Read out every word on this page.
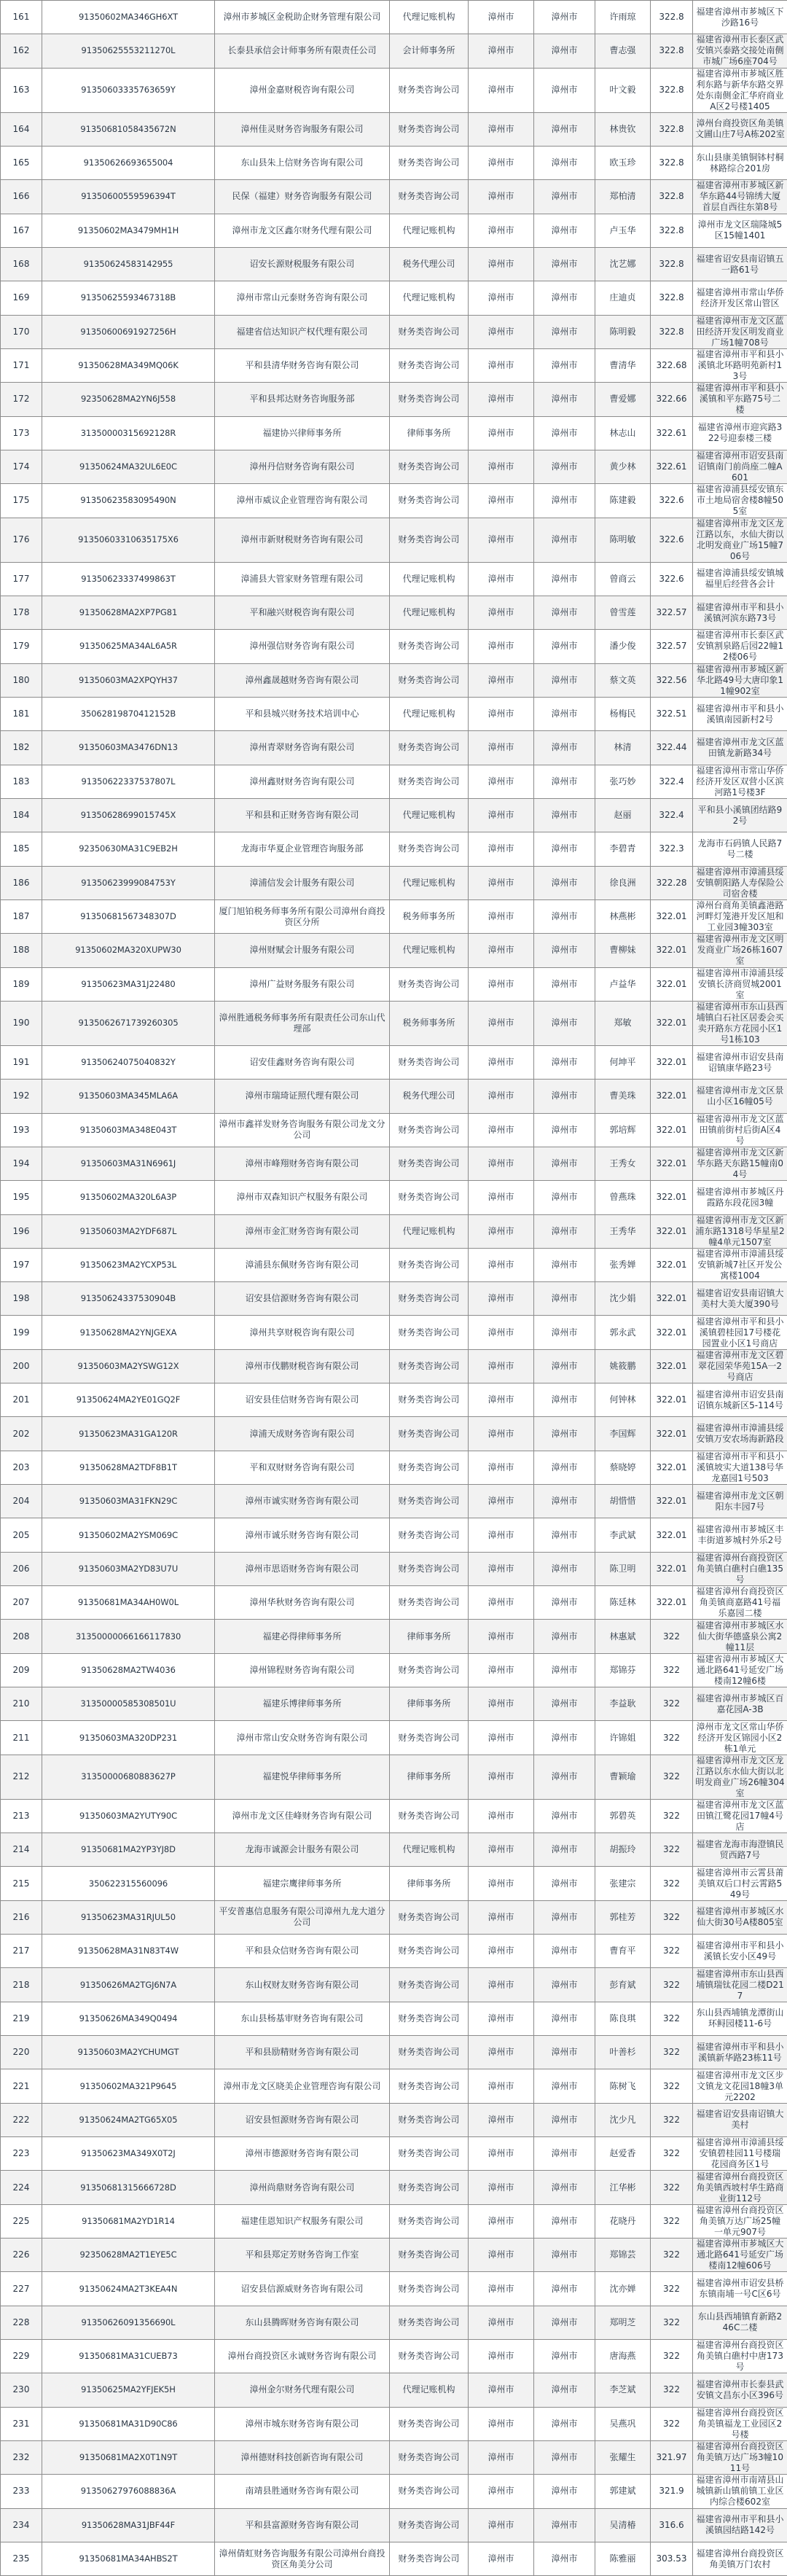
161	91350602MA346GH6XT	漳州市芗城区金税助企财务管理有限公司	代理记账机构	漳州市	漳州市	许雨琼	322.8	福建省漳州市芗城区下沙路16号
162	91350625553211270L	长泰县承信会计师事务所有限责任公司	会计师事务所	漳州市	漳州市	曹志强	322.8	福建省漳州市长泰区武安镇兴泰路交接处南侧市城广场6座704号
163	91350603335763659Y	漳州金嘉财税咨询有限公司	财务类咨询公司	漳州市	漳州市	叶文毅	322.8	福建省漳州市芗城区胜利东路与新华东路交界处东南侧金汇华府商业A区2号楼1405
164	91350681058435672N	漳州佳灵财务咨询服务有限公司	财务类咨询公司	漳州市	漳州市	林贵钦	322.8	漳州台商投资区角美镇文圃山庄7号A栋202室
165	91350626693655004	东山县朱上信财务咨询有限公司	财务类咨询公司	漳州市	漳州市	欧玉珍	322.8	东山县康美镇铜钵村桐林路综合201房
166	91350600559596394T	民保（福建）财务咨询服务有限公司	财务类咨询公司	漳州市	漳州市	郑柏清	322.8	福建省漳州市芗城区新华东路44号锦绣大厦首层自西往东第8号
167	91350602MA3479MH1H	漳州市龙文区鑫尔财务代理有限公司	代理记账机构	漳州市	漳州市	卢玉华	322.8	漳州市龙文区瑞隆城5区15幢1401
168	91350624583142955	诏安长源财税服务有限公司	税务代理公司	漳州市	漳州市	沈艺娜	322.8	福建省诏安县南诏镇五一路61号
169	91350625593467318B	漳州市常山元泰财务咨询有限公司	代理记账机构	漳州市	漳州市	庄迪贞	322.8	福建省漳州市常山华侨经济开发区常山管区
170	91350600691927256H	福建省信达知识产权代理有限公司	财务类咨询公司	漳州市	漳州市	陈明毅	322.8	福建省漳州市龙文区蓝田经济开发区明发商业广场1幢708号
171	91350628MA349MQ06K	平和县清华财务咨询有限公司	财务类咨询公司	漳州市	漳州市	曹清华	322.68	福建省漳州市平和县小溪镇北环路明苑新村13号
172	92350628MA2YN6J558	平和县邦达财务咨询服务部	财务类咨询公司	漳州市	漳州市	曹爱娜	322.66	福建省漳州市平和县小溪镇和平东路75号二楼
173	31350000315692128R	福建协兴律师事务所	律师事务所	漳州市	漳州市	林志山	322.61	福建省漳州市迎宾路322号迎泰楼三楼
174	91350624MA32UL6E0C	漳州丹信财务咨询有限公司	财务类咨询公司	漳州市	漳州市	黄少林	322.61	福建省漳州市诏安县南诏镇南门前尚座二幢A601
175	91350623583095490N	漳州市威议企业管理咨询有限公司	财务类咨询公司	漳州市	漳州市	陈建毅	322.6	福建省漳浦县绥安镇东市土地局宿舍楼8幢505室
176	91350603310635175X6	漳州市新财税财务咨询有限公司	财务类咨询公司	漳州市	漳州市	陈明敏	322.6	福建省漳州市龙文区龙江路以东，水仙大街以北明发商业广场15幢706号
177	91350623337499863T	漳浦县大管家财务管理有限公司	代理记账机构	漳州市	漳州市	曾商云	322.6	福建省漳浦县绥安镇城福里后经营各会计
178	91350628MA2XP7PG81	平和融兴财税咨询有限公司	代理记账机构	漳州市	漳州市	曾雪莲	322.57	福建省漳州市平和县小溪镇河滨东路73号
179	91350625MA34AL6A5R	漳州强信财务咨询有限公司	财务类咨询公司	漳州市	漳州市	潘少俊	322.57	福建省漳州市长泰区武安镇割泉路后园22幢12楼06号
180	91350603MA2XPQYH37	漳州鑫晟越财务咨询有限公司	财务类咨询公司	漳州市	漳州市	蔡文英	322.56	福建省漳州市芗城区新华北路49号大唐印象11幢902室
181	35062819870412152B	平和县城兴财务技术培训中心	代理记账机构	漳州市	漳州市	杨梅民	322.51	福建省漳州市平和县小溪镇南园新村2号
182	91350603MA3476DN13	漳州青翠财务咨询有限公司	财务类咨询公司	漳州市	漳州市	林清	322.44	福建省漳州市龙文区蓝田镇龙新路34号
183	91350622337537807L	漳州鑫财财务咨询有限公司	财务类咨询公司	漳州市	漳州市	张巧妙	322.4	福建省漳州市常山华侨经济开发区双营小区滨河路1号楼3F
184	91350628699015745X	平和县和正财务咨询有限公司	代理记账机构	漳州市	漳州市	赵丽	322.4	平和县小溪镇团结路92号
185	92350630MA31C9EB2H	龙海市华夏企业管理咨询服务部	财务类咨询公司	漳州市	漳州市	李碧青	322.3	龙海市石码镇人民路7号二楼
186	91350623999084753Y	漳浦信发会计服务有限公司	代理记账机构	漳州市	漳州市	徐良洲	322.28	福建省漳州市漳浦县绥安镇朝阳路人寿保险公司宿舍楼
187	91350681567348307D	厦门旭铂税务师事务所有限公司漳州台商投资区分所	税务师事务所	漳州市	漳州市	林燕彬	322.01	漳州台商角美镇鑫港路河畔灯笼港开发区旭和工业园3幢303室
188	91350602MA320XUPW30	漳州财赋会计服务有限公司	代理记账机构	漳州市	漳州市	曹柳妹	322.01	福建省漳州市龙文区明发商业广场26栋1607室
189	91350623MA31J22480	漳州广益财务服务有限公司	财务类咨询公司	漳州市	漳州市	卢益华	322.01	福建省漳州市漳浦县绥安镇长济商贸城2001室
190	9135062671739260305	漳州胜通税务师事务所有限责任公司东山代理部	税务师事务所	漳州市	漳州市	郑敏	322.01	福建省漳州市东山县西埔镇白石社区居委会买卖开路东方花园小区1号1栋103
191	91350624075040832Y	诏安佳鑫财务咨询有限公司	财务类咨询公司	漳州市	漳州市	何坤平	322.01	福建省漳州市诏安县南诏镇康华路23号
192	91350603MA345MLA6A	漳州市瑞琦证照代理有限公司	税务代理公司	漳州市	漳州市	曹美珠	322.01	福建省漳州市龙文区景山小区16幢05号
193	91350603MA348E043T	漳州市鑫祥发财务咨询服务有限公司龙文分公司	财务类咨询公司	漳州市	漳州市	郭培辉	322.01	福建省漳州市龙文区蓝田镇前街村后街A区4号
194	91350603MA31N6961J	漳州市峰翔财务咨询有限公司	财务类咨询公司	漳州市	漳州市	王秀女	322.01	福建省漳州市龙文区新华东路天东路15幢南04号
195	91350602MA320L6A3P	漳州市双森知识产权服务有限公司	财务类咨询公司	漳州市	漳州市	曾燕珠	322.01	福建省漳州市芗城区丹霞路东段花园3幢
196	91350603MA2YDF687L	漳州市金汇财务咨询有限公司	代理记账机构	漳州市	漳州市	王秀华	322.01	福建省漳州市龙文区新浦东路1318号华星星2幢4单元1507室
197	91350623MA2YCXP53L	漳浦县东佩财务咨询有限公司	财务类咨询公司	漳州市	漳州市	张秀婵	322.01	福建省漳州市漳浦县绥安镇新城7社区开发公寓楼1004
198	91350624337530904B	诏安县信源财务咨询有限公司	财务类咨询公司	漳州市	漳州市	沈少娟	322.01	福建省诏安县南诏镇大美村大美大厦390号
199	91350628MA2YNJGEXA	漳州共享财税咨询有限公司	财务类咨询公司	漳州市	漳州市	郭永武	322.01	福建省漳州市平和县小溪镇碧桂园17号楼花园置业小区1号商店
200	91350603MA2YSWG12X	漳州市伐鹏财税咨询有限公司	财务类咨询公司	漳州市	漳州市	姚筱鹏	322.01	福建省漳州市龙文区碧翠花园荣华苑15A一2号商店
201	91350624MA2YE01GQ2F	诏安县佳信财务咨询有限公司	财务类咨询公司	漳州市	漳州市	何钟林	322.01	福建省漳州市诏安县南诏镇东城新区5-114号
202	91350623MA31GA120R	漳浦天成财务咨询有限公司	财务类咨询公司	漳州市	漳州市	李国辉	322.01	福建省漳州市漳浦县绥安镇万安农场海新路段
203	91350628MA2TDF8B1T	平和双财财务咨询有限公司	财务类咨询公司	漳州市	漳州市	蔡晓婷	322.01	福建省漳州市平和县小溪镇坡实大道138号华龙嘉园1号503
204	91350603MA31FKN29C	漳州市诚实财务咨询有限公司	财务类咨询公司	漳州市	漳州市	胡惜惜	322.01	福建省漳州市龙文区朝阳东丰园7号
205	91350602MA2YSM069C	漳州市诚乐财务咨询有限公司	财务类咨询公司	漳州市	漳州市	李武斌	322.01	福建省漳州市芗城区丰丰街道芗城村外乐2号
206	91350603MA2YD83U7U	漳州市思语财务咨询有限公司	财务类咨询公司	漳州市	漳州市	陈卫明	322.01	福建省漳州台商投资区角美镇白礁村白礁135号
207	91350681MA34AH0W0L	漳州华秋财务咨询有限公司	财务类咨询公司	漳州市	漳州市	陈廷林	322.01	福建省漳州台商投资区角美镇商嘉路41号福乐嘉园二楼
208	31350000066166117830	福建必得律师事务所	律师事务所	漳州市	漳州市	林惠斌	322	福建省漳州市芗城区水仙大街华德盛泉公寓2幢11层
209	91350628MA2TW4036	漳州锦程财务咨询有限公司	财务类咨询公司	漳州市	漳州市	郑锦芬	322	福建省漳州市芗城区大通北路641号延安广场楼南12幢6楼
210	31350000585308501U	福建乐博律师事务所	律师事务所	漳州市	漳州市	李益耿	322	福建省漳州市芗城区百嘉花园A-3B
211	91350603MA320DP231	漳州市常山安众财务咨询有限公司	财务类咨询公司	漳州市	漳州市	许锦姐	322	漳州市龙文区常山华侨经济开发区锦园小区2栋1单元
212	31350000680883627P	福建悦华律师事务所	律师事务所	漳州市	漳州市	曹颖瑜	322	福建省漳州市龙文区龙江路以东水仙大街以北明发商业广场26幢304室
213	91350603MA2YUTY90C	漳州市龙文区佳峰财务咨询有限公司	财务类咨询公司	漳州市	漳州市	郭碧英	322	福建省漳州市龙文区蓝田镇江鹭花园17幢4号店
214	91350681MA2YP3YJ8D	龙海市诚源会计服务有限公司	代理记账机构	漳州市	漳州市	胡振玲	322	福建省龙海市海澄镇民贸西路7号
215	350622315560096	福建宗鹰律师事务所	律师事务所	漳州市	漳州市	张建宗	322	福建省漳州市云霄县莆美镇双后口村云霄路549号
216	91350623MA31RJUL50	平安普惠信息服务有限公司漳州九龙大道分公司	财务类咨询公司	漳州市	漳州市	郭桂芳	322	福建省漳州市芗城区水仙大街30号A楼805室
217	91350628MA31N83T4W	平和县众信财务咨询有限公司	财务类咨询公司	漳州市	漳州市	曹育平	322	福建省漳州市平和县小溪镇长安小区49号
218	91350626MA2TGJ6N7A	东山权财友财务咨询有限公司	财务类咨询公司	漳州市	漳州市	彭育斌	322	福建省漳州市东山县西埔镇瑞钛花园二楼D217
219	91350626MA349Q0494	东山县杨基审财务咨询有限公司	财务类咨询公司	漳州市	漳州市	陈良琪	322	东山县西埔镇龙潭街山环鲟园楼11-6号
220	91350603MA2YCHUMGT	平和县励精财务咨询有限公司	财务类咨询公司	漳州市	漳州市	叶善杉	322	福建省漳州市平和县小溪镇新华路23栋11号
221	91350602MA321P9645	漳州市龙文区晓美企业管理咨询有限公司	财务类咨询公司	漳州市	漳州市	陈树飞	322	福建省漳州市龙文区步文镇龙文花园18幢3单元2202
222	91350624MA2TG65X05	诏安县恒源财务咨询有限公司	财务类咨询公司	漳州市	漳州市	沈少凡	322	福建省诏安县南诏镇大美村
223	91350623MA349X0T2J	漳州市德源财务咨询有限公司	财务类咨询公司	漳州市	漳州市	赵爱香	322	福建省漳州市漳浦县绥安镇碧桂园11号楼瑞花园商务区1号
224	91350681315666728D	漳州尚鼎财务咨询有限公司	财务类咨询公司	漳州市	漳州市	江华彬	322	福建省漳州台商投资区角美镇西坡村华生路商业街112号
225	91350681MA2YD1R14	福建佳恩知识产权服务有限公司	财务类咨询公司	漳州市	漳州市	花晓丹	322	福建省漳州台商投资区角美镇万达广场25幢一单元907号
226	92350628MA2T1EYE5C	平和县郑定芳财务咨询工作室	财务类咨询公司	漳州市	漳州市	郑锦芸	322	福建省漳州市芗城区大通北路641号延安广场楼南12幢606号
227	91350624MA2T3KEA4N	诏安县信源威财务咨询有限公司	财务类咨询公司	漳州市	漳州市	沈亦婵	322	福建省漳州市诏安县桥东镇南埔一号C区6号
228	91350626091356690L	东山县腾晖财务咨询有限公司	财务类咨询公司	漳州市	漳州市	郑明芝	322	东山县西埔镇育新路246C二楼
229	91350681MA31CUEB73	漳州台商投资区永诚财务咨询有限公司	财务类咨询公司	漳州市	漳州市	唐海燕	322	福建省漳州台商投资区角美镇白礁村中唐173号
230	91350625MA2YFJEK5H	漳州金尔财务代理有限公司	代理记账机构	漳州市	漳州市	李芝斌	322	福建省漳州市长泰县武安镇文昌东小区396号
231	91350681MA31D90C86	漳州市城东财务咨询有限公司	财务类咨询公司	漳州市	漳州市	吴燕巩	322	福建省漳州台商投资区角美镇福龙工业园区2号楼
232	91350681MA2X0T1N9T	漳州德财科技创新咨询有限公司	财务类咨询公司	漳州市	漳州市	张耀生	321.97	福建省漳州台商投资区角美镇万达广场3幢1011号
233	91350627976088836A	南靖县胜通财务咨询有限公司	财务类咨询公司	漳州市	漳州市	郭建斌	321.9	福建省漳州市南靖县山城镇新山镇前镇工业区内综合楼602室
234	91350628MA31JBF44F	平和县富源财务咨询有限公司	财务类咨询公司	漳州市	漳州市	吴清椿	316.6	福建省漳州市平和县小溪镇园结路142号
235	91350681MA34AHBS2T	漳州倩虹财务咨询服务有限公司漳州台商投资区角美分公司	财务类咨询公司	漳州市	漳州市	陈雅丽	303.53	福建省漳州台商投资区角美镇万门农村
